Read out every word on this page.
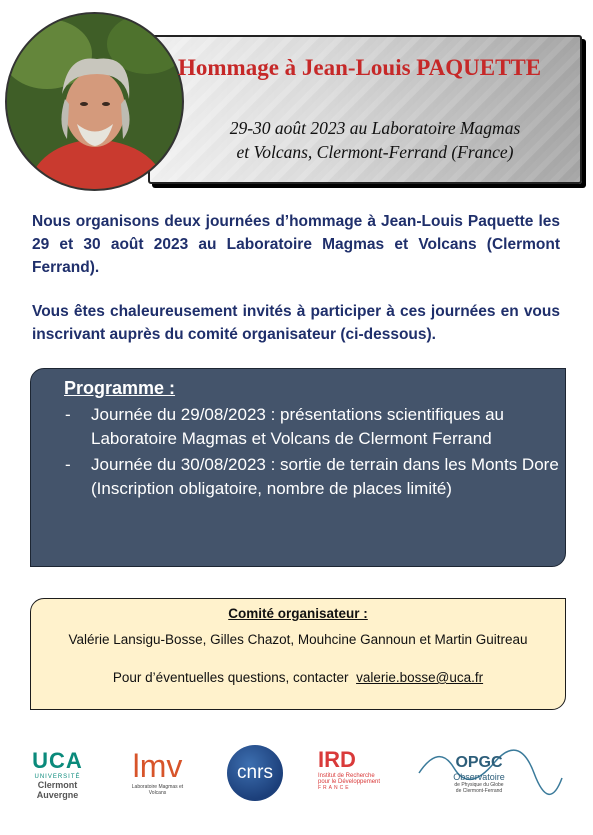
Hommage à Jean-Louis PAQUETTE
29-30 août 2023 au Laboratoire Magmas
et Volcans, Clermont-Ferrand (France)
Nous organisons deux journées d’hommage à Jean-Louis Paquette les 29 et 30 août 2023 au Laboratoire Magmas et Volcans (Clermont Ferrand).
Vous êtes chaleureusement invités à participer à ces journées en vous inscrivant auprès du comité organisateur (ci-dessous).
Programme :
- Journée du 29/08/2023 : présentations scientifiques au Laboratoire Magmas et Volcans de Clermont Ferrand
- Journée du 30/08/2023 : sortie de terrain dans les Monts Dore (Inscription obligatoire, nombre de places limité)
Comité organisateur :
Valérie Lansigu-Bosse, Gilles Chazot, Mouhcine Gannoun et Martin Guitreau
Pour d’éventuelles questions, contacter valerie.bosse@uca.fr
UCA
UNIVERSITÉ
Clermont
Auvergne
lmv
Laboratoire Magmas et Volcans
cnrs
IRD
Institut de Recherche
pour le Développement
FRANCE
OPGC
Observatoire
de Physique du Globe
de Clermont-Ferrand
